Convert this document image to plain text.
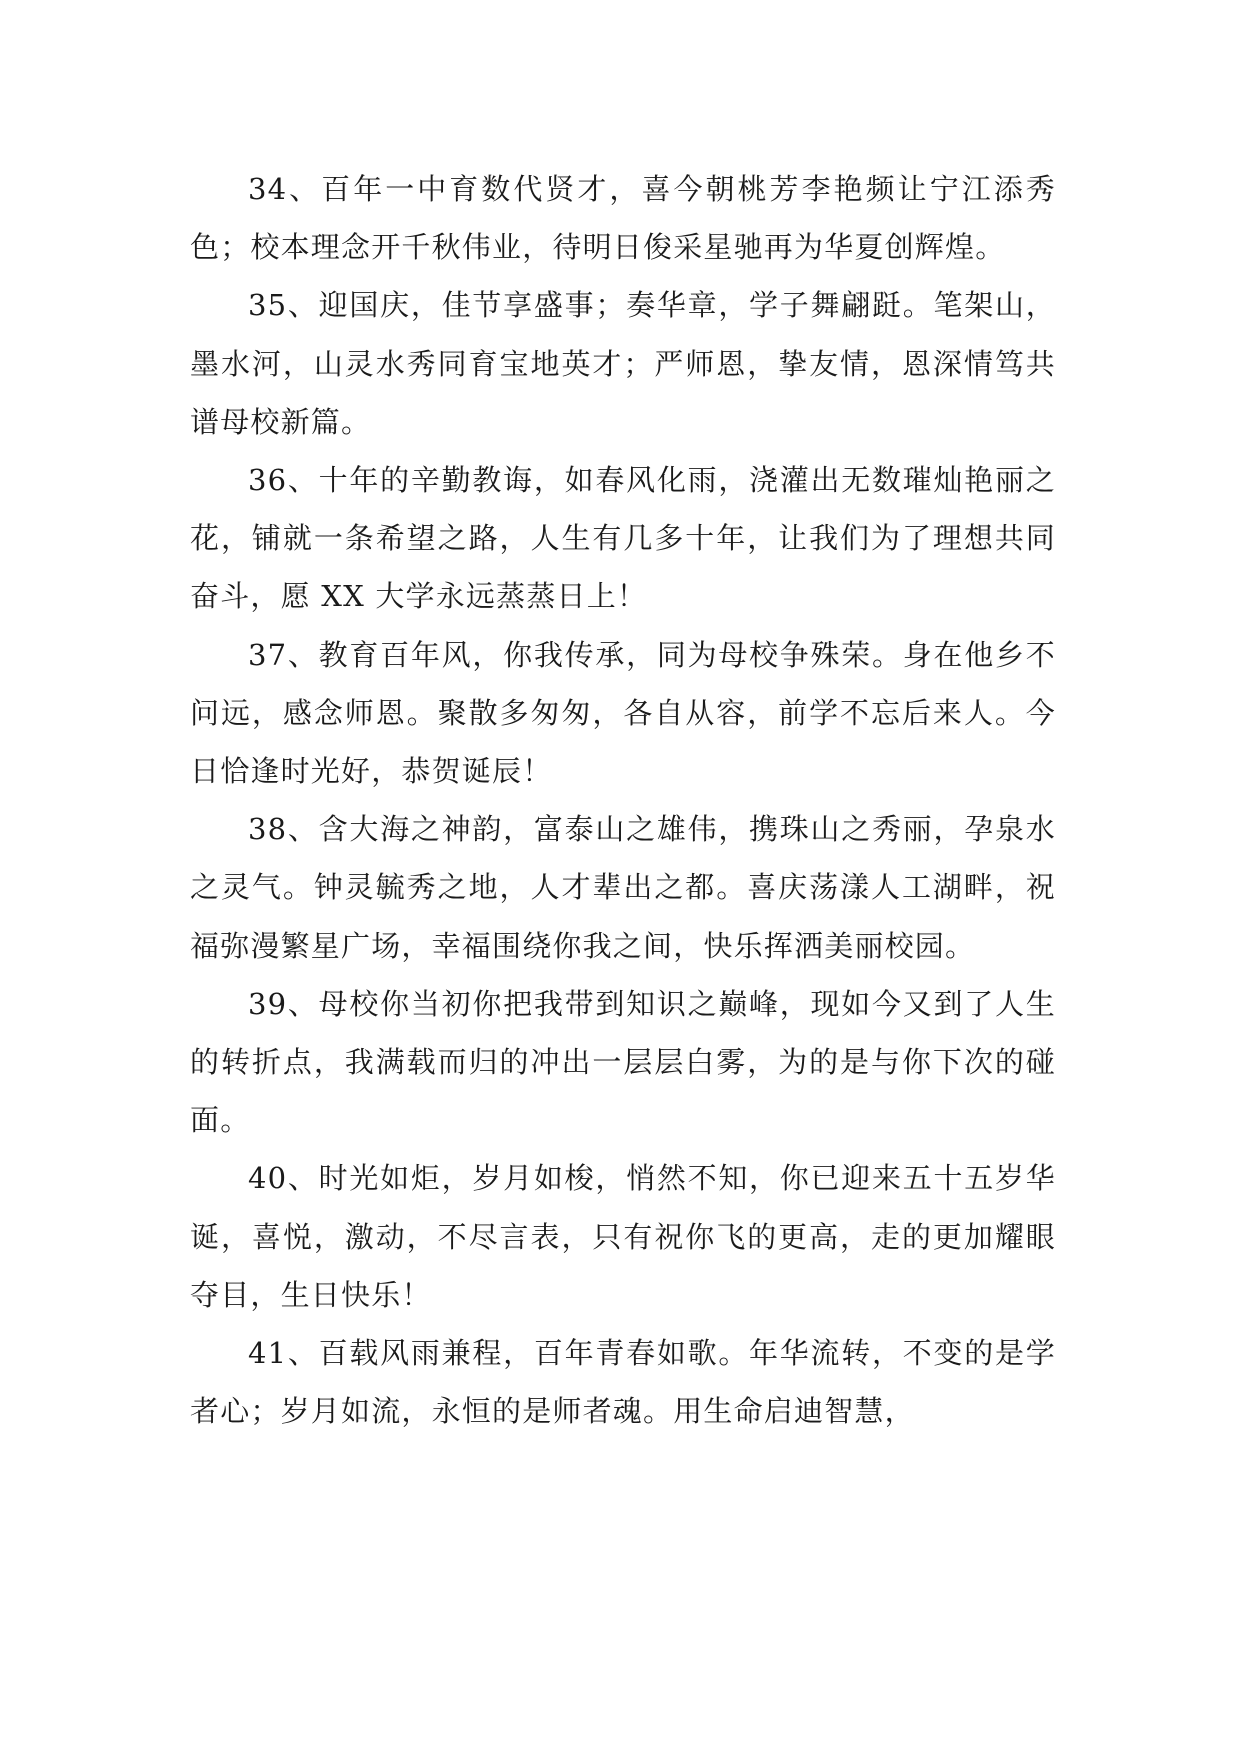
34、百年一中育数代贤才，喜今朝桃芳李艳频让宁江添秀色；校本理念开千秋伟业，待明日俊采星驰再为华夏创辉煌。

35、迎国庆，佳节享盛事；奏华章，学子舞翩跹。笔架山，墨水河，山灵水秀同育宝地英才；严师恩，挚友情，恩深情笃共谱母校新篇。

36、十年的辛勤教诲，如春风化雨，浇灌出无数璀灿艳丽之花，铺就一条希望之路，人生有几多十年，让我们为了理想共同奋斗，愿 XX 大学永远蒸蒸日上！

37、教育百年风，你我传承，同为母校争殊荣。身在他乡不问远，感念师恩。聚散多匆匆，各自从容，前学不忘后来人。今日恰逢时光好，恭贺诞辰！

38、含大海之神韵，富泰山之雄伟，携珠山之秀丽，孕泉水之灵气。钟灵毓秀之地，人才辈出之都。喜庆荡漾人工湖畔，祝福弥漫繁星广场，幸福围绕你我之间，快乐挥洒美丽校园。

39、母校你当初你把我带到知识之巅峰，现如今又到了人生的转折点，我满载而归的冲出一层层白雾，为的是与你下次的碰面。

40、时光如炬，岁月如梭，悄然不知，你已迎来五十五岁华诞，喜悦，激动，不尽言表，只有祝你飞的更高，走的更加耀眼夺目，生日快乐！

41、百载风雨兼程，百年青春如歌。年华流转，不变的是学者心；岁月如流，永恒的是师者魂。用生命启迪智慧，
